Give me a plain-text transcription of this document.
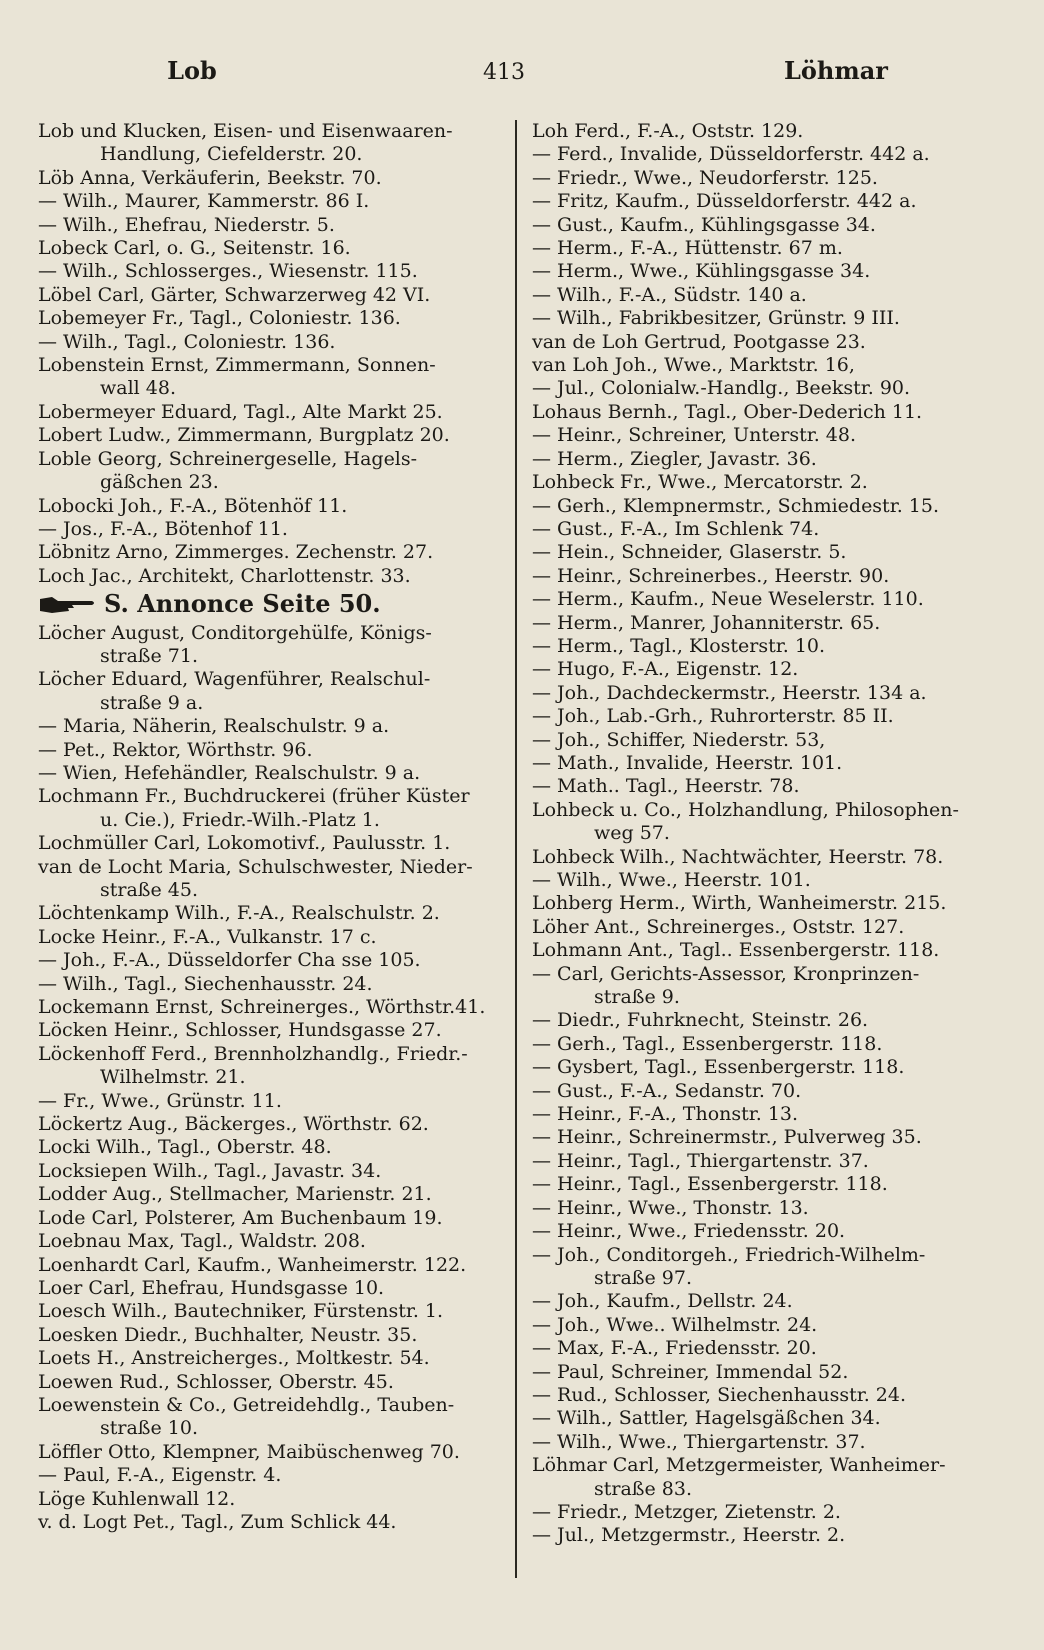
Lob	413	Löhmar
Lob und Klucken, Eisen- und Eisenwaaren-
Handlung, Ciefelderstr. 20.
Löb Anna, Verkäuferin, Beekstr. 70.
— Wilh., Maurer, Kammerstr. 86 I.
— Wilh., Ehefrau, Niederstr. 5.
Lobeck Carl, o. G., Seitenstr. 16.
— Wilh., Schlosserges., Wiesenstr. 115.
Löbel Carl, Gärter, Schwarzerweg 42 VI.
Lobemeyer Fr., Tagl., Coloniestr. 136.
— Wilh., Tagl., Coloniestr. 136.
Lobenstein Ernst, Zimmermann, Sonnen-
wall 48.
Lobermeyer Eduard, Tagl., Alte Markt 25.
Lobert Ludw., Zimmermann, Burgplatz 20.
Loble Georg, Schreinergeselle, Hagels-
gäßchen 23.
Lobocki Joh., F.-A., Bötenhöf 11.
— Jos., F.-A., Bötenhof 11.
Löbnitz Arno, Zimmerges. Zechenstr. 27.
Loch Jac., Architekt, Charlottenstr. 33.
S. Annonce Seite 50.
Löcher August, Conditorgehülfe, Königs-
straße 71.
Löcher Eduard, Wagenführer, Realschul-
straße 9 a.
— Maria, Näherin, Realschulstr. 9 a.
— Pet., Rektor, Wörthstr. 96.
— Wien, Hefehändler, Realschulstr. 9 a.
Lochmann Fr., Buchdruckerei (früher Küster
u. Cie.), Friedr.-Wilh.-Platz 1.
Lochmüller Carl, Lokomotivf., Paulusstr. 1.
van de Locht Maria, Schulschwester, Nieder-
straße 45.
Löchtenkamp Wilh., F.-A., Realschulstr. 2.
Locke Heinr., F.-A., Vulkanstr. 17 c.
— Joh., F.-A., Düsseldorfer Cha sse 105.
— Wilh., Tagl., Siechenhausstr. 24.
Lockemann Ernst, Schreinerges., Wörthstr.41.
Löcken Heinr., Schlosser, Hundsgasse 27.
Löckenhoff Ferd., Brennholzhandlg., Friedr.-
Wilhelmstr. 21.
— Fr., Wwe., Grünstr. 11.
Löckertz Aug., Bäckerges., Wörthstr. 62.
Locki Wilh., Tagl., Oberstr. 48.
Locksiepen Wilh., Tagl., Javastr. 34.
Lodder Aug., Stellmacher, Marienstr. 21.
Lode Carl, Polsterer, Am Buchenbaum 19.
Loebnau Max, Tagl., Waldstr. 208.
Loenhardt Carl, Kaufm., Wanheimerstr. 122.
Loer Carl, Ehefrau, Hundsgasse 10.
Loesch Wilh., Bautechniker, Fürstenstr. 1.
Loesken Diedr., Buchhalter, Neustr. 35.
Loets H., Anstreicherges., Moltkestr. 54.
Loewen Rud., Schlosser, Oberstr. 45.
Loewenstein & Co., Getreidehdlg., Tauben-
straße 10.
Löffler Otto, Klempner, Maibüschenweg 70.
— Paul, F.-A., Eigenstr. 4.
Löge Kuhlenwall 12.
v. d. Logt Pet., Tagl., Zum Schlick 44.
Loh Ferd., F.-A., Oststr. 129.
— Ferd., Invalide, Düsseldorferstr. 442 a.
— Friedr., Wwe., Neudorferstr. 125.
— Fritz, Kaufm., Düsseldorferstr. 442 a.
— Gust., Kaufm., Kühlingsgasse 34.
— Herm., F.-A., Hüttenstr. 67 m.
— Herm., Wwe., Kühlingsgasse 34.
— Wilh., F.-A., Südstr. 140 a.
— Wilh., Fabrikbesitzer, Grünstr. 9 III.
van de Loh Gertrud, Pootgasse 23.
van Loh Joh., Wwe., Marktstr. 16,
— Jul., Colonialw.-Handlg., Beekstr. 90.
Lohaus Bernh., Tagl., Ober-Dederich 11.
— Heinr., Schreiner, Unterstr. 48.
— Herm., Ziegler, Javastr. 36.
Lohbeck Fr., Wwe., Mercatorstr. 2.
— Gerh., Klempnermstr., Schmiedestr. 15.
— Gust., F.-A., Im Schlenk 74.
— Hein., Schneider, Glaserstr. 5.
— Heinr., Schreinerbes., Heerstr. 90.
— Herm., Kaufm., Neue Weselerstr. 110.
— Herm., Manrer, Johanniterstr. 65.
— Herm., Tagl., Klosterstr. 10.
— Hugo, F.-A., Eigenstr. 12.
— Joh., Dachdeckermstr., Heerstr. 134 a.
— Joh., Lab.-Grh., Ruhrorterstr. 85 II.
— Joh., Schiffer, Niederstr. 53,
— Math., Invalide, Heerstr. 101.
— Math.. Tagl., Heerstr. 78.
Lohbeck u. Co., Holzhandlung, Philosophen-
weg 57.
Lohbeck Wilh., Nachtwächter, Heerstr. 78.
— Wilh., Wwe., Heerstr. 101.
Lohberg Herm., Wirth, Wanheimerstr. 215.
Löher Ant., Schreinerges., Oststr. 127.
Lohmann Ant., Tagl.. Essenbergerstr. 118.
— Carl, Gerichts-Assessor, Kronprinzen-
straße 9.
— Diedr., Fuhrknecht, Steinstr. 26.
— Gerh., Tagl., Essenbergerstr. 118.
— Gysbert, Tagl., Essenbergerstr. 118.
— Gust., F.-A., Sedanstr. 70.
— Heinr., F.-A., Thonstr. 13.
— Heinr., Schreinermstr., Pulverweg 35.
— Heinr., Tagl., Thiergartenstr. 37.
— Heinr., Tagl., Essenbergerstr. 118.
— Heinr., Wwe., Thonstr. 13.
— Heinr., Wwe., Friedensstr. 20.
— Joh., Conditorgeh., Friedrich-Wilhelm-
straße 97.
— Joh., Kaufm., Dellstr. 24.
— Joh., Wwe.. Wilhelmstr. 24.
— Max, F.-A., Friedensstr. 20.
— Paul, Schreiner, Immendal 52.
— Rud., Schlosser, Siechenhausstr. 24.
— Wilh., Sattler, Hagelsgäßchen 34.
— Wilh., Wwe., Thiergartenstr. 37.
Löhmar Carl, Metzgermeister, Wanheimer-
straße 83.
— Friedr., Metzger, Zietenstr. 2.
— Jul., Metzgermstr., Heerstr. 2.
